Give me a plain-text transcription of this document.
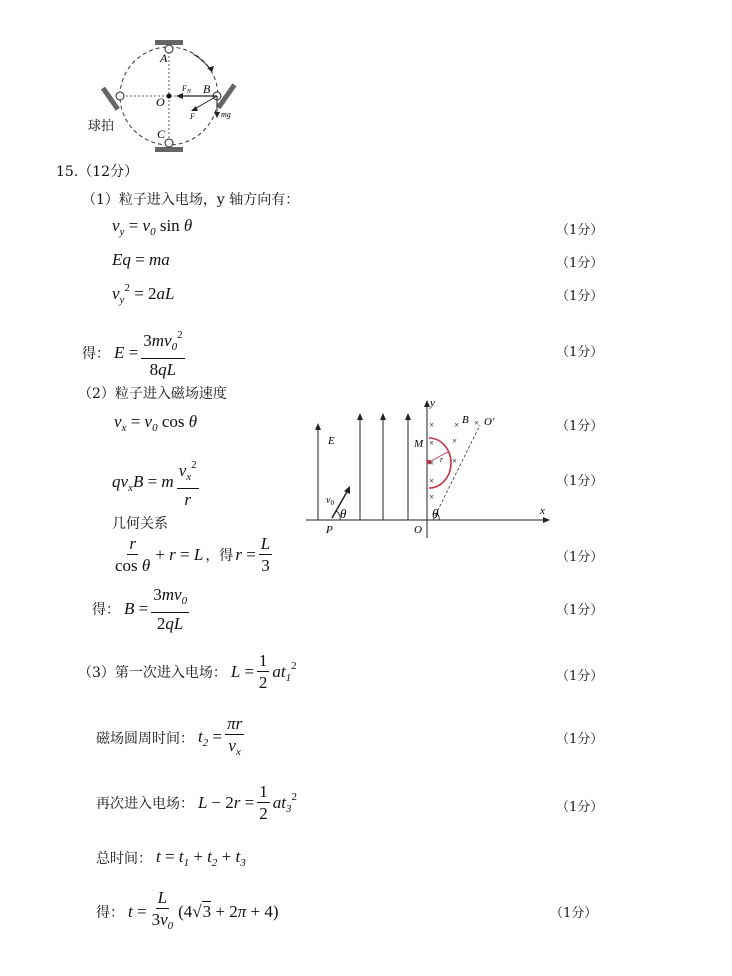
A
B
C
O
$F_N$
F	mg
球拍
15.（12分）
（1）粒子进入电场，y 轴方向有：
$v_y = v_0$ sin θ	（1分）
Eq = ma	（1分）
$v_y^2 = 2aL$	（1分）
得： $E = \frac{3mv_0^2}{8qL}$	（1分）
（2）粒子进入磁场速度
$v_x = v_0$ cos θ	（1分）
$qv_xB = m \frac{v_x^2}{r}$	（1分）
几何关系
$\frac{r}{\text{cos θ}} + r = L$ ，得 $r = \frac{L}{3}$	（1分）
得： $B = \frac{3mv_0}{2qL}$	（1分）
× × ×
× ×
× ×
×
×
E
$v_0$
θ	θ
P	O
M
r
B O′
x
y
（3）第一次进入电场： $L = \frac{1}{2} at_1^2$
（1分）
磁场圆周时间： $t_2 = \frac{\pi r}{v_x}$	（1分）
再次进入电场： $L - 2r = \frac{1}{2} at_3^2$
（1分）
总时间： $t = t_1 + t_2 + t_3$
得： $t = \frac{L}{3v_0} (4√3 + 2\pi + 4)$	（1分）
